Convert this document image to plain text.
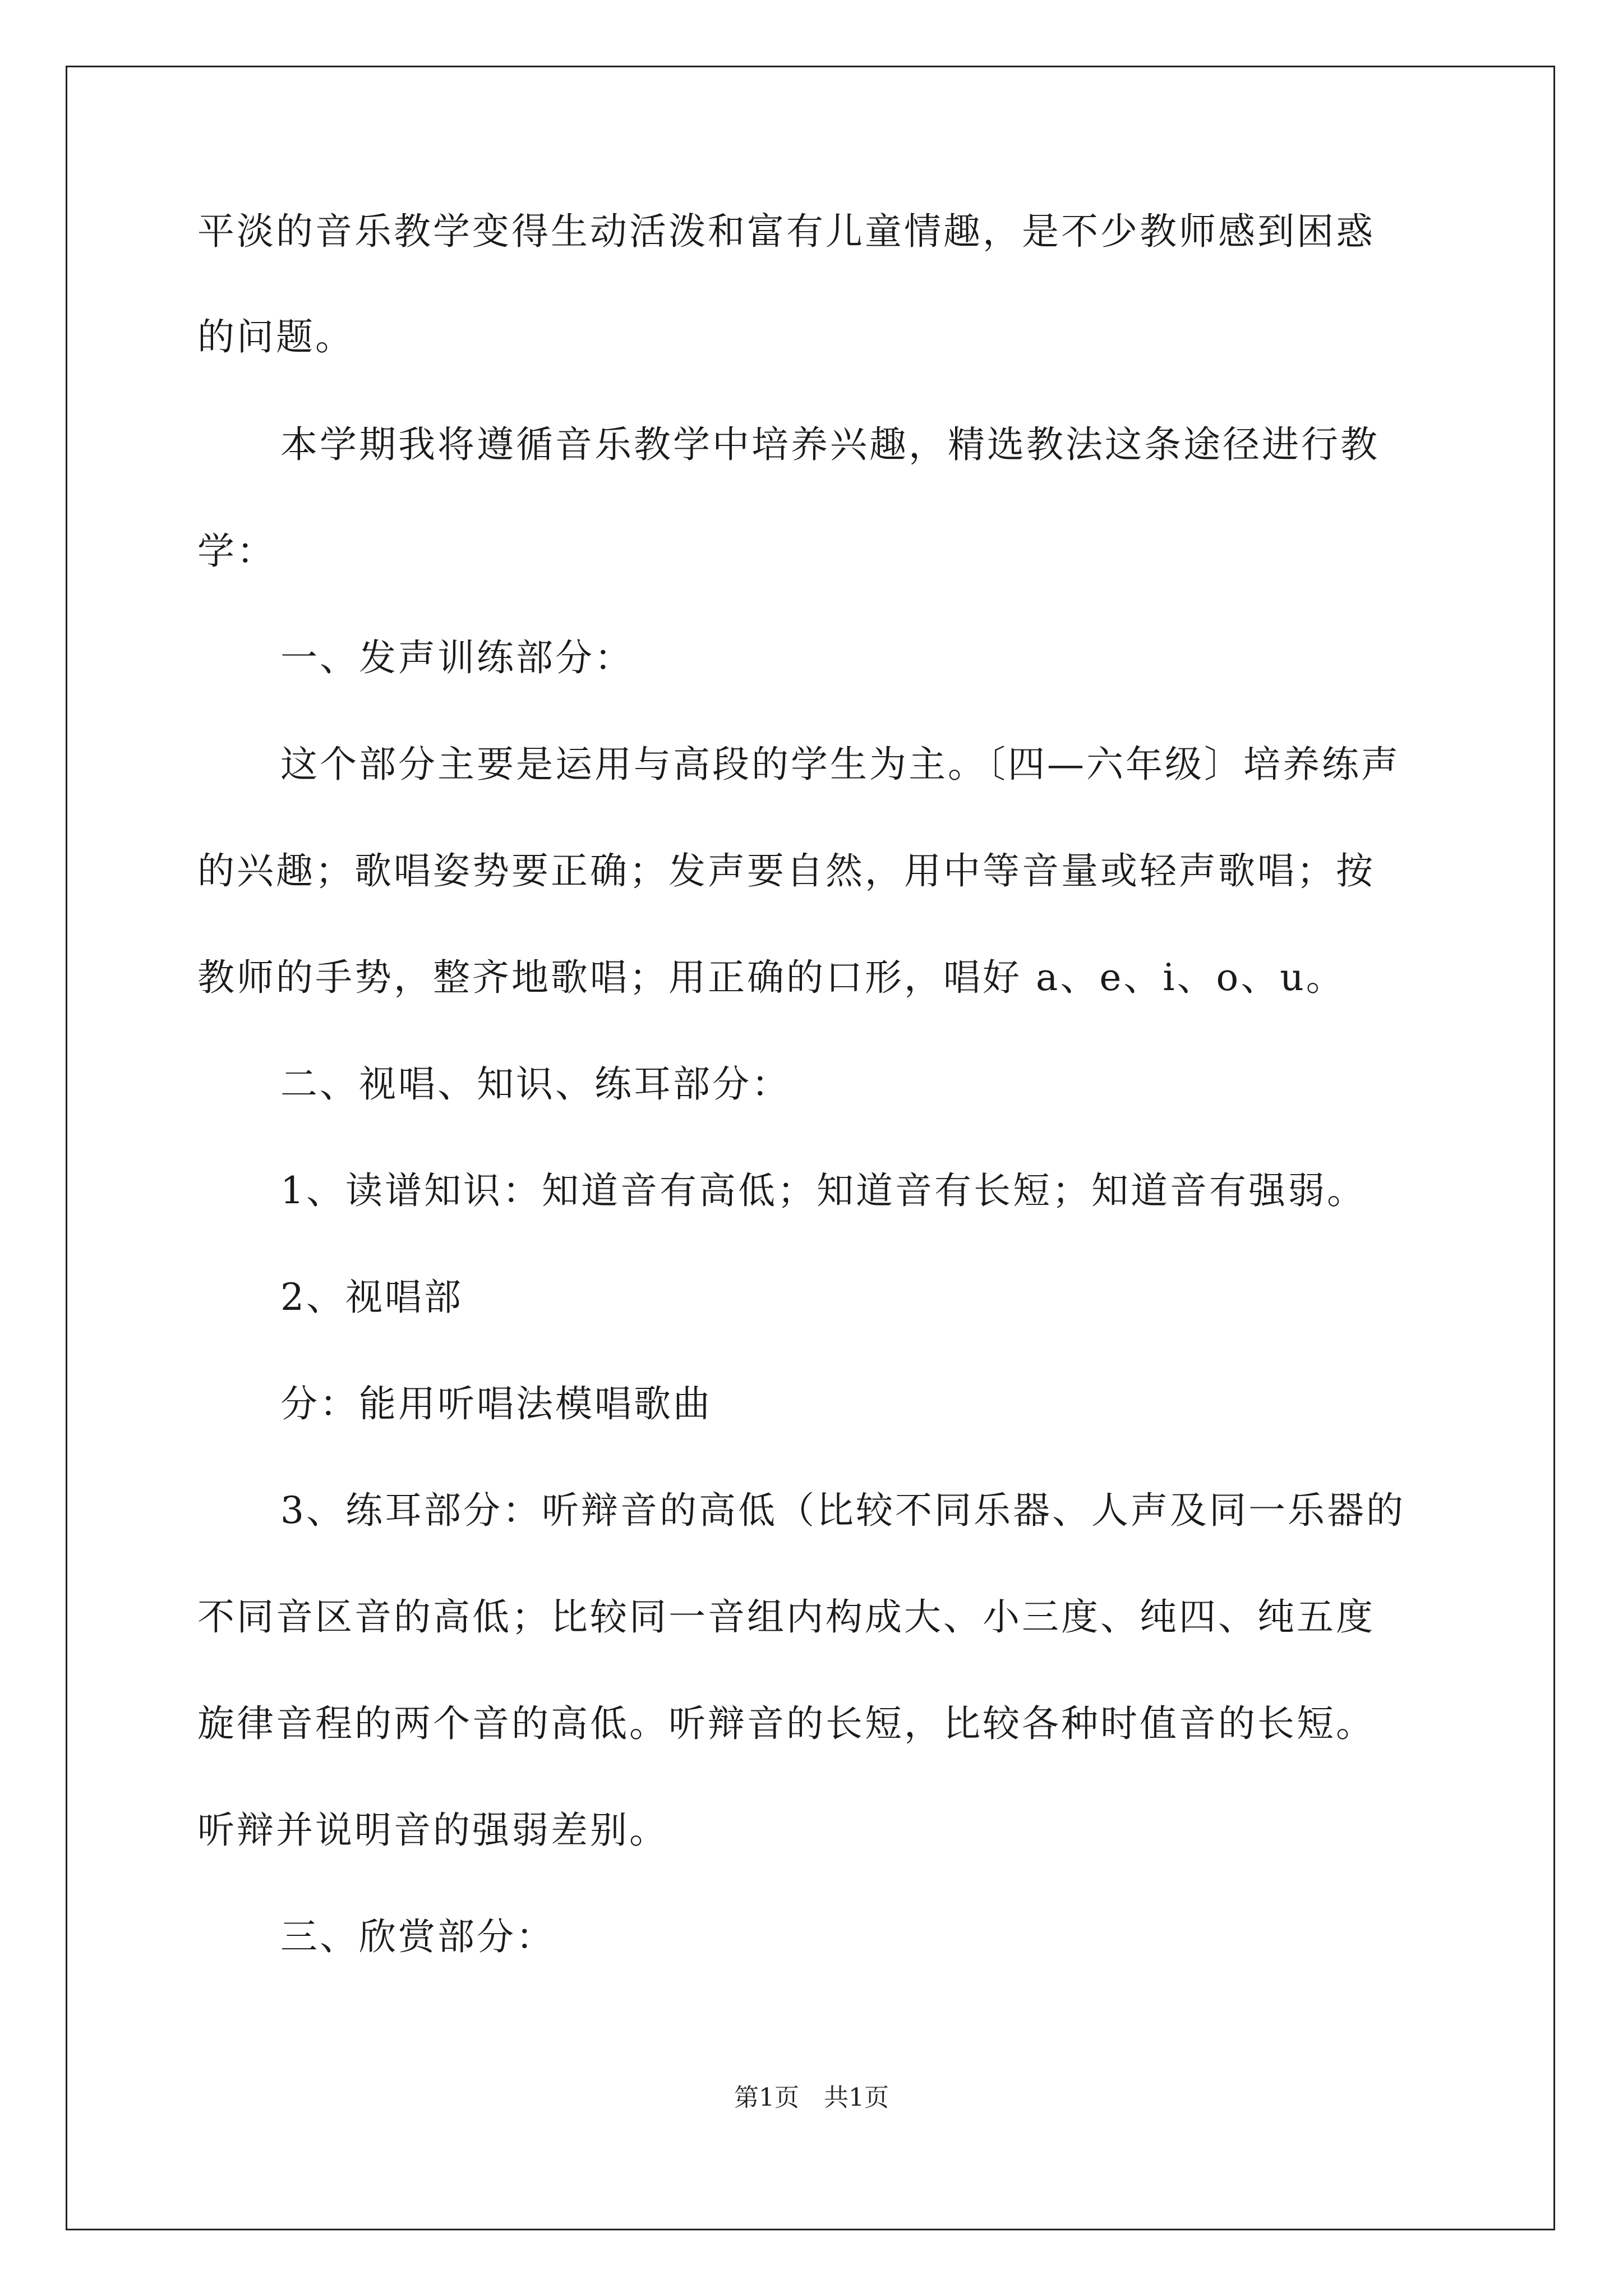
平淡的音乐教学变得生动活泼和富有儿童情趣，是不少教师感到困惑

的问题。

本学期我将遵循音乐教学中培养兴趣，精选教法这条途径进行教

学：

一、发声训练部分：

这个部分主要是运用与高段的学生为主。〔四—六年级〕培养练声

的兴趣；歌唱姿势要正确；发声要自然，用中等音量或轻声歌唱；按

教师的手势，整齐地歌唱；用正确的口形，唱好 a、e、i、o、u。

二、视唱、知识、练耳部分：

1、读谱知识：知道音有高低；知道音有长短；知道音有强弱。

2、视唱部

分：能用听唱法模唱歌曲

3、练耳部分：听辩音的高低（比较不同乐器、人声及同一乐器的

不同音区音的高低；比较同一音组内构成大、小三度、纯四、纯五度

旋律音程的两个音的高低。听辩音的长短，比较各种时值音的长短。

听辩并说明音的强弱差别。

三、欣赏部分：

第1页　共1页
